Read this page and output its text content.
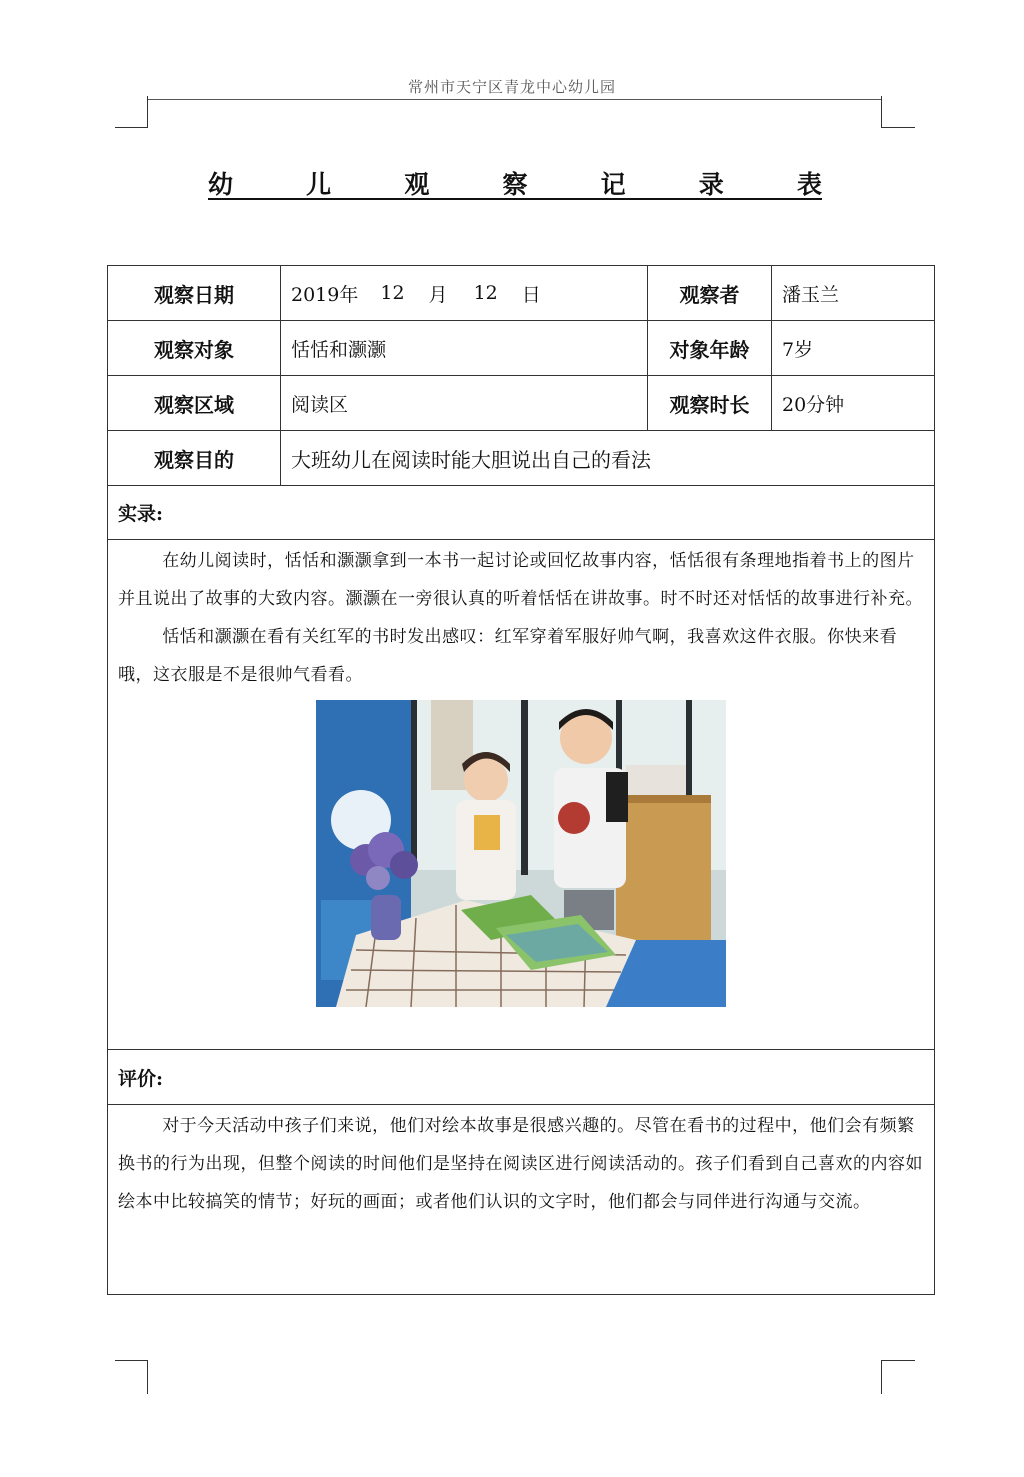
常州市天宁区青龙中心幼儿园
幼	儿	观	察	记	录	表
观察日期	2019年 12 月 12 日	观察者	潘玉兰
观察对象	恬恬和灏灏	对象年龄	7岁
观察区域	阅读区	观察时长	20分钟
观察目的	大班幼儿在阅读时能大胆说出自己的看法		
实录:			

在幼儿阅读时，恬恬和灏灏拿到一本书一起讨论或回忆故事内容，恬恬很有条理地指着书上的图片并且说出了故事的大致内容。灏灏在一旁很认真的听着恬恬在讲故事。时不时还对恬恬的故事进行补充。

恬恬和灏灏在看有关红军的书时发出感叹：红军穿着军服好帅气啊，我喜欢这件衣服。你快来看哦，这衣服是不是很帅气看看。			

评价:			

对于今天活动中孩子们来说，他们对绘本故事是很感兴趣的。尽管在看书的过程中，他们会有频繁换书的行为出现，但整个阅读的时间他们是坚持在阅读区进行阅读活动的。孩子们看到自己喜欢的内容如绘本中比较搞笑的情节；好玩的画面；或者他们认识的文字时，他们都会与同伴进行沟通与交流。			
